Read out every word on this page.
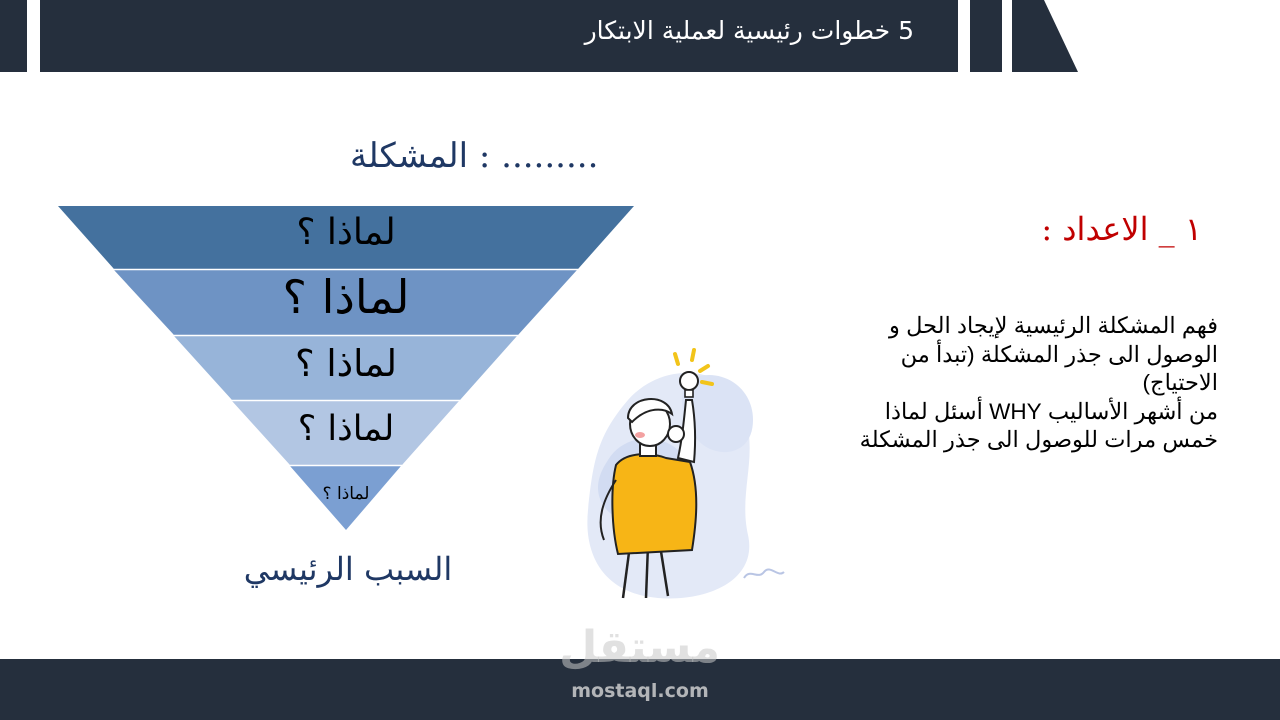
5 خطوات رئيسية لعملية الابتكار
المشكلة : .........
لماذا ؟
لماذا ؟
لماذا ؟
لماذا ؟
لماذا ؟
السبب الرئيسي
١ _ الاعداد :
فهم المشكلة الرئيسية لإيجاد الحل و
الوصول الى جذر المشكلة (تبدأ من
الاحتياج)
من أشهر الأساليب WHY أسئل لماذا
خمس مرات للوصول الى جذر المشكلة
مستقل
mostaql.com
